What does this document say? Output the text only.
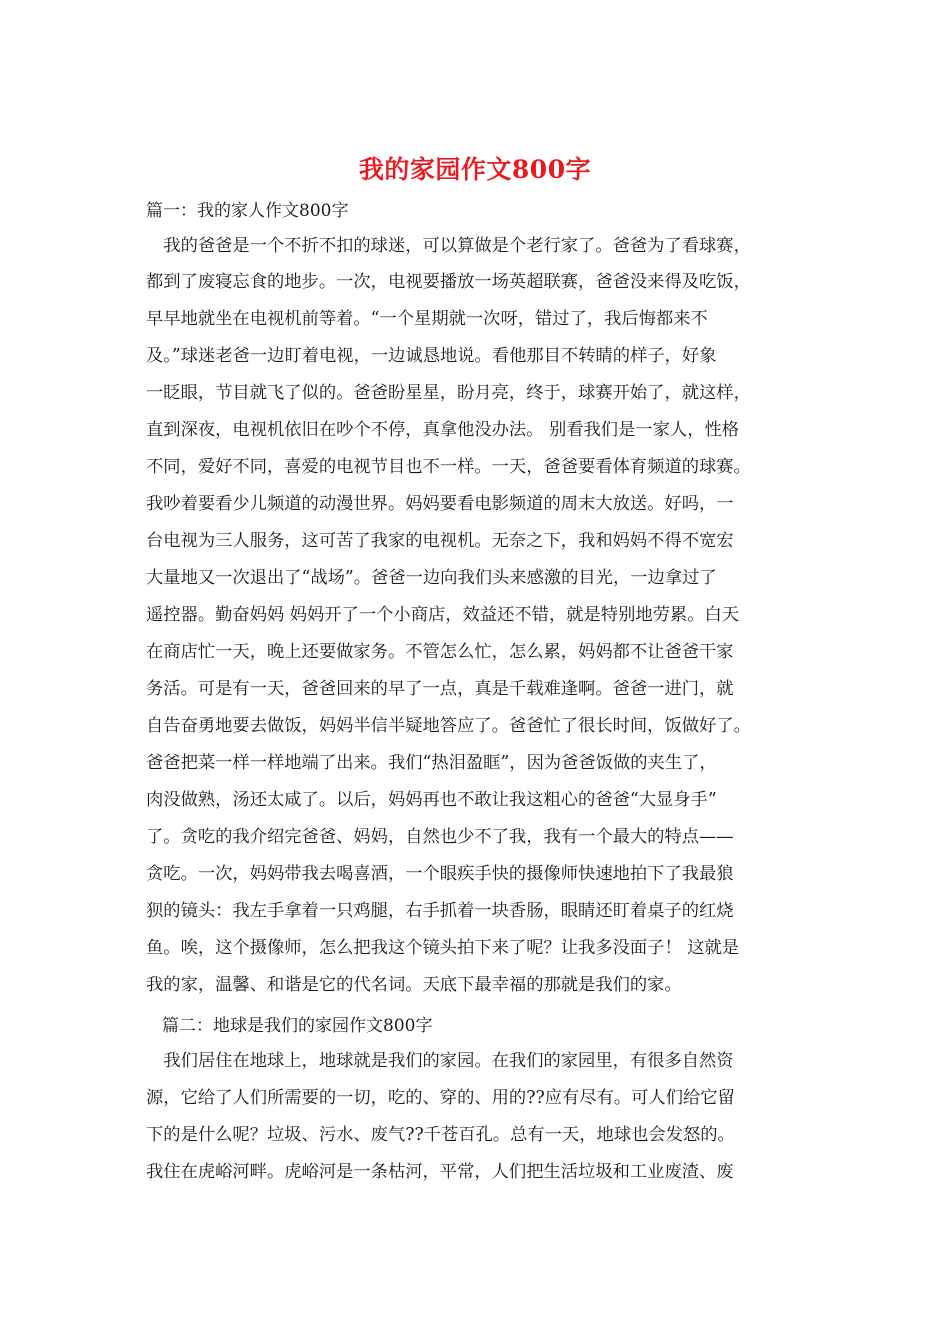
我的家园作文800字
篇一：我的家人作文800字
　我的爸爸是一个不折不扣的球迷，可以算做是个老行家了。爸爸为了看球赛，
都到了废寝忘食的地步。一次，电视要播放一场英超联赛，爸爸没来得及吃饭，
早早地就坐在电视机前等着。“一个星期就一次呀，错过了，我后悔都来不
及。”球迷老爸一边盯着电视，一边诚恳地说。看他那目不转睛的样子，好象
一眨眼，节目就飞了似的。爸爸盼星星，盼月亮，终于，球赛开始了，就这样，
直到深夜，电视机依旧在吵个不停，真拿他没办法。 别看我们是一家人，性格
不同，爱好不同，喜爱的电视节目也不一样。一天，爸爸要看体育频道的球赛。
我吵着要看少儿频道的动漫世界。妈妈要看电影频道的周末大放送。好吗，一
台电视为三人服务，这可苦了我家的电视机。无奈之下，我和妈妈不得不宽宏
大量地又一次退出了“战场”。爸爸一边向我们头来感激的目光，一边拿过了
遥控器。勤奋妈妈 妈妈开了一个小商店，效益还不错，就是特别地劳累。白天
在商店忙一天，晚上还要做家务。不管怎么忙，怎么累，妈妈都不让爸爸干家
务活。可是有一天，爸爸回来的早了一点，真是千载难逢啊。爸爸一进门，就
自告奋勇地要去做饭，妈妈半信半疑地答应了。爸爸忙了很长时间，饭做好了。
爸爸把菜一样一样地端了出来。我们“热泪盈眶”，因为爸爸饭做的夹生了，
肉没做熟，汤还太咸了。以后，妈妈再也不敢让我这粗心的爸爸“大显身手”
了。贪吃的我介绍完爸爸、妈妈，自然也少不了我，我有一个最大的特点——
贪吃。一次，妈妈带我去喝喜酒，一个眼疾手快的摄像师快速地拍下了我最狼
狈的镜头：我左手拿着一只鸡腿，右手抓着一块香肠，眼睛还盯着桌子的红烧
鱼。唉，这个摄像师，怎么把我这个镜头拍下来了呢？让我多没面子！ 这就是
我的家，温馨、和谐是它的代名词。天底下最幸福的那就是我们的家。
篇二：地球是我们的家园作文800字
　我们居住在地球上，地球就是我们的家园。在我们的家园里，有很多自然资
源，它给了人们所需要的一切，吃的、穿的、用的??应有尽有。可人们给它留
下的是什么呢？垃圾、污水、废气??千苍百孔。总有一天，地球也会发怒的。
我住在虎峪河畔。虎峪河是一条枯河，平常，人们把生活垃圾和工业废渣、废
